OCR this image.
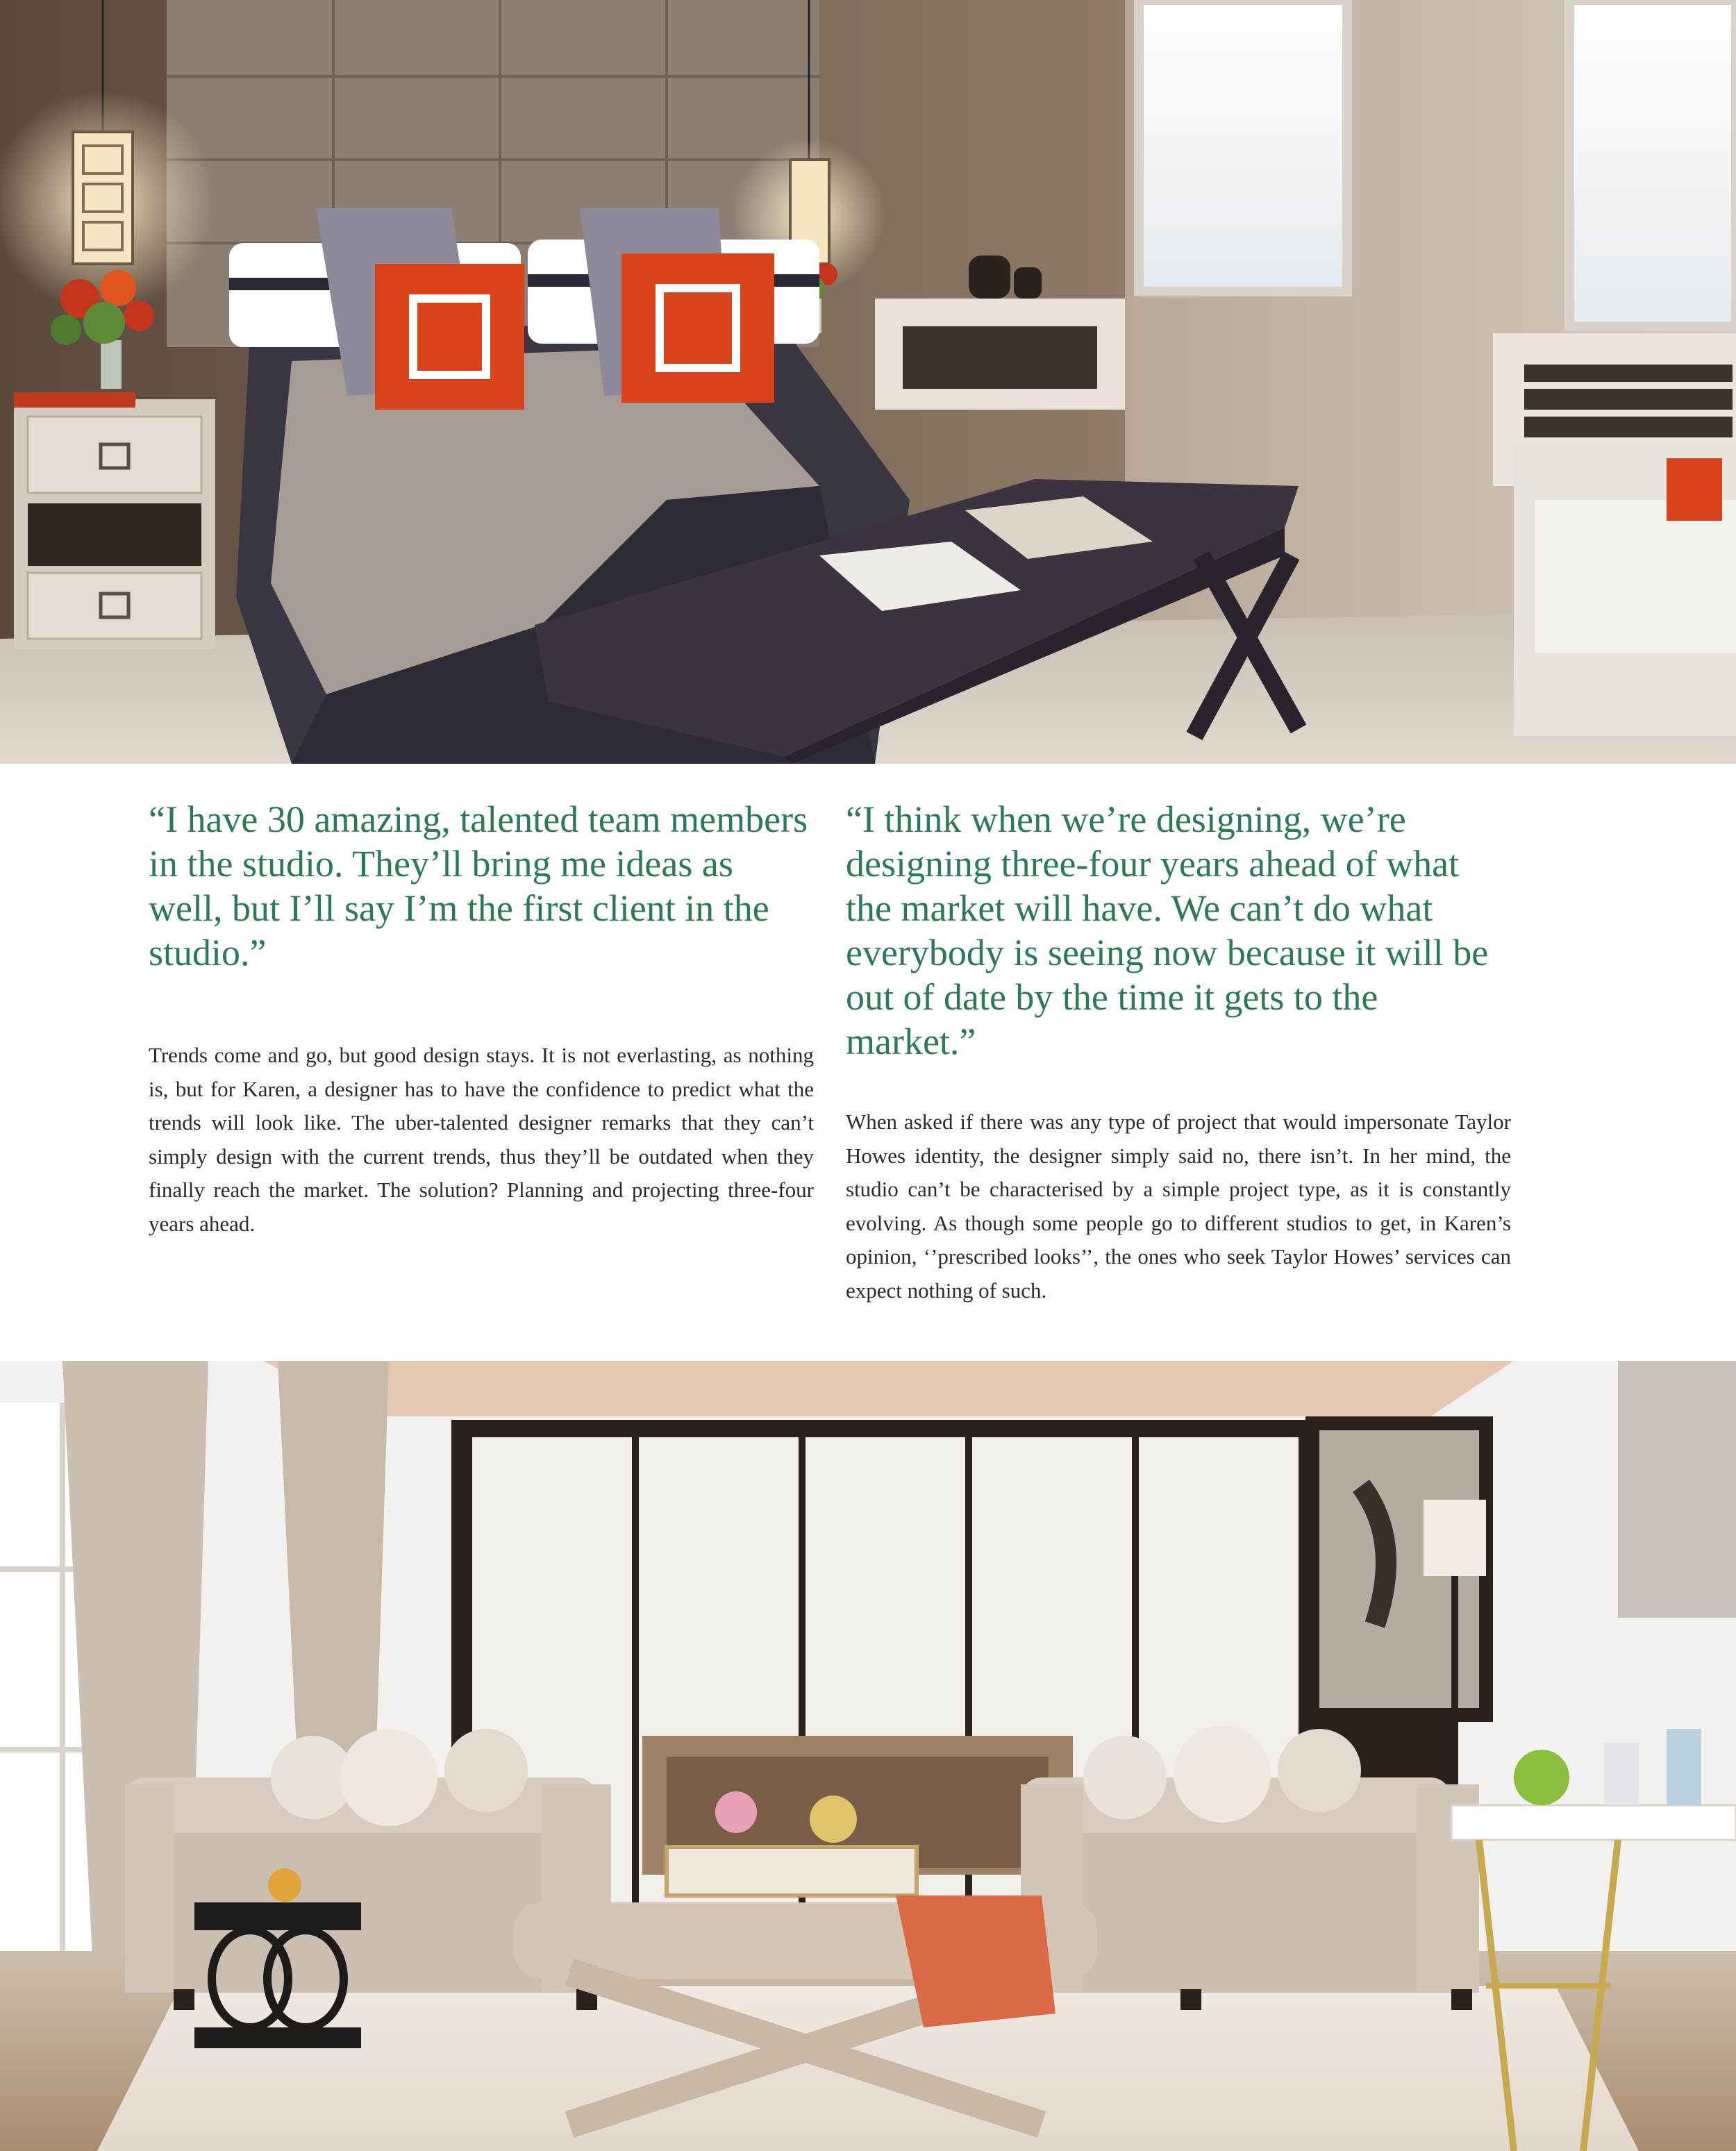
“I have 30 amazing, talented team members in the studio. They’ll bring me ideas as well, but I’ll say I’m the first client in the studio.”

Trends come and go, but good design stays. It is not everlasting, as nothing is, but for Karen, a designer has to have the confidence to predict what the trends will look like. The uber-talented designer remarks that they can’t simply design with the current trends, thus they’ll be outdated when they finally reach the market. The solution? Planning and projecting three-four years ahead.

“I think when we’re designing, we’re designing three-four years ahead of what the market will have. We can’t do what everybody is seeing now because it will be out of date by the time it gets to the market.”

When asked if there was any type of project that would impersonate Taylor Howes identity, the designer simply said no, there isn’t. In her mind, the studio can’t be characterised by a simple project type, as it is constantly evolving. As though some people go to different studios to get, in Karen’s opinion, ‘’prescribed looks’’, the ones who seek Taylor Howes’ services can expect nothing of such.
